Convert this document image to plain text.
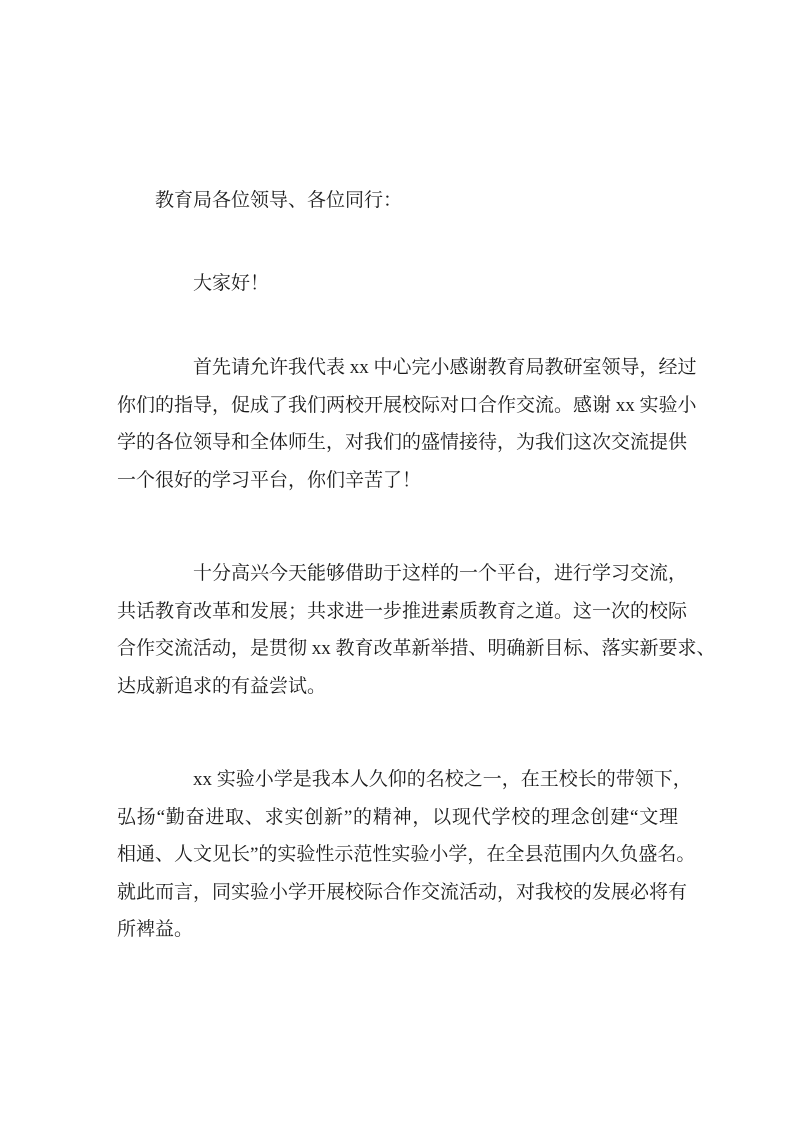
教育局各位领导、各位同行：
大家好！
首先请允许我代表 xx 中心完小感谢教育局教研室领导，经过
你们的指导，促成了我们两校开展校际对口合作交流。感谢 xx 实验小
学的各位领导和全体师生，对我们的盛情接待，为我们这次交流提供
一个很好的学习平台，你们辛苦了！
十分高兴今天能够借助于这样的一个平台，进行学习交流，
共话教育改革和发展；共求进一步推进素质教育之道。这一次的校际
合作交流活动，是贯彻 xx 教育改革新举措、明确新目标、落实新要求、
达成新追求的有益尝试。
xx 实验小学是我本人久仰的名校之一，在王校长的带领下，
弘扬“勤奋进取、求实创新”的精神，以现代学校的理念创建“文理
相通、人文见长”的实验性示范性实验小学，在全县范围内久负盛名。
就此而言，同实验小学开展校际合作交流活动，对我校的发展必将有
所裨益。
